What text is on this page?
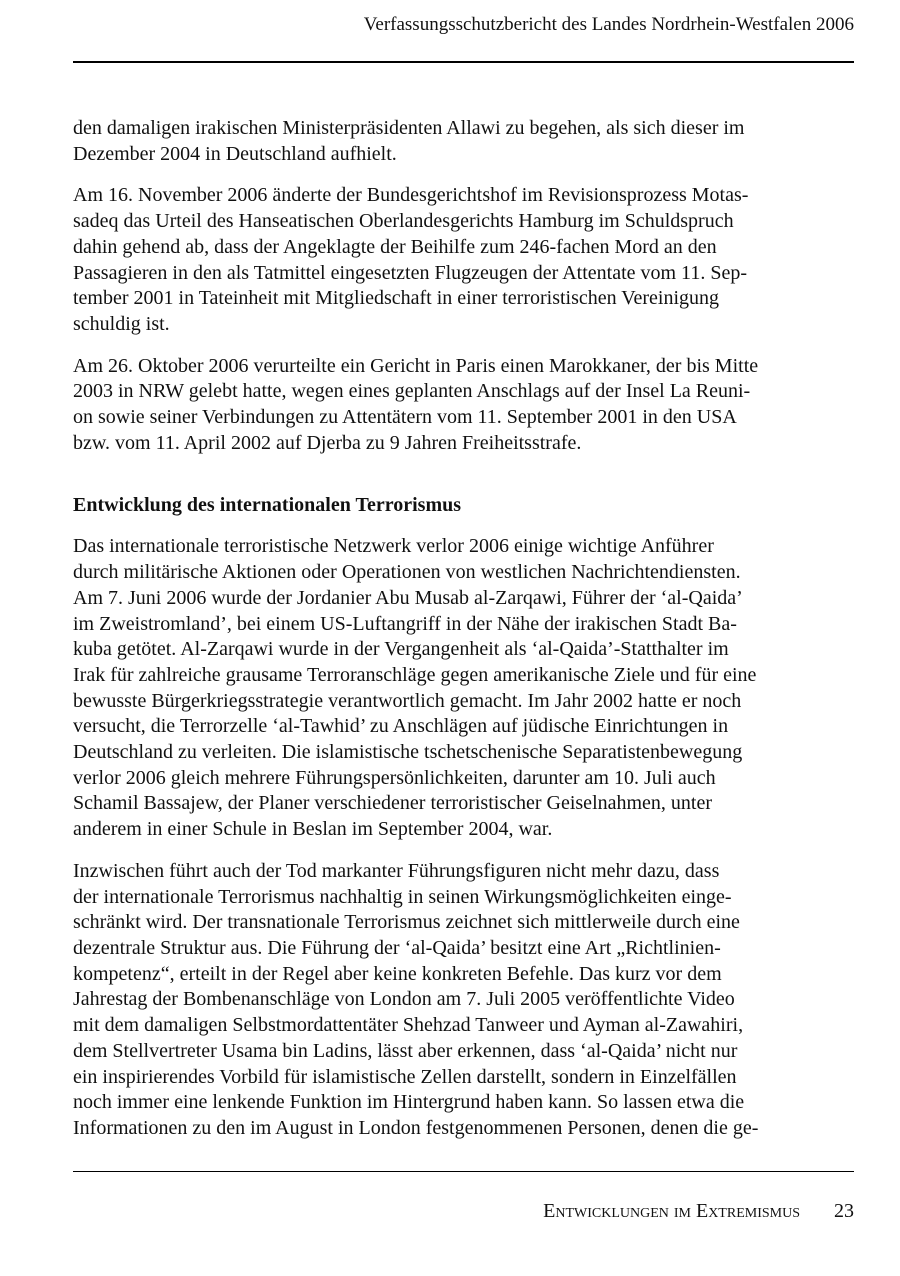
Verfassungsschutzbericht des Landes Nordrhein-Westfalen 2006

den damaligen irakischen Ministerpräsidenten Allawi zu begehen, als sich dieser im
Dezember 2004 in Deutschland aufhielt.

Am 16. November 2006 änderte der Bundesgerichtshof im Revisionsprozess Motas-
sadeq das Urteil des Hanseatischen Oberlandesgerichts Hamburg im Schuldspruch
dahin gehend ab, dass der Angeklagte der Beihilfe zum 246-fachen Mord an den
Passagieren in den als Tatmittel eingesetzten Flugzeugen der Attentate vom 11. Sep-
tember 2001 in Tateinheit mit Mitgliedschaft in einer terroristischen Vereinigung
schuldig ist.

Am 26. Oktober 2006 verurteilte ein Gericht in Paris einen Marokkaner, der bis Mitte
2003 in NRW gelebt hatte, wegen eines geplanten Anschlags auf der Insel La Reuni-
on sowie seiner Verbindungen zu Attentätern vom 11. September 2001 in den USA
bzw. vom 11. April 2002 auf Djerba zu 9 Jahren Freiheitsstrafe.

Entwicklung des internationalen Terrorismus

Das internationale terroristische Netzwerk verlor 2006 einige wichtige Anführer
durch militärische Aktionen oder Operationen von westlichen Nachrichtendiensten.
Am 7. Juni 2006 wurde der Jordanier Abu Musab al-Zarqawi, Führer der ‘al-Qaida’
im Zweistromland’, bei einem US-Luftangriff in der Nähe der irakischen Stadt Ba-
kuba getötet. Al-Zarqawi wurde in der Vergangenheit als ‘al-Qaida’-Statthalter im
Irak für zahlreiche grausame Terroranschläge gegen amerikanische Ziele und für eine
bewusste Bürgerkriegsstrategie verantwortlich gemacht. Im Jahr 2002 hatte er noch
versucht, die Terrorzelle ‘al-Tawhid’ zu Anschlägen auf jüdische Einrichtungen in
Deutschland zu verleiten. Die islamistische tschetschenische Separatistenbewegung
verlor 2006 gleich mehrere Führungspersönlichkeiten, darunter am 10. Juli auch
Schamil Bassajew, der Planer verschiedener terroristischer Geiselnahmen, unter
anderem in einer Schule in Beslan im September 2004, war.

Inzwischen führt auch der Tod markanter Führungsfiguren nicht mehr dazu, dass
der internationale Terrorismus nachhaltig in seinen Wirkungsmöglichkeiten einge-
schränkt wird. Der transnationale Terrorismus zeichnet sich mittlerweile durch eine
dezentrale Struktur aus. Die Führung der ‘al-Qaida’ besitzt eine Art „Richtlinien-
kompetenz“, erteilt in der Regel aber keine konkreten Befehle. Das kurz vor dem
Jahrestag der Bombenanschläge von London am 7. Juli 2005 veröffentlichte Video
mit dem damaligen Selbstmordattentäter Shehzad Tanweer und Ayman al-Zawahiri,
dem Stellvertreter Usama bin Ladins, lässt aber erkennen, dass ‘al-Qaida’ nicht nur
ein inspirierendes Vorbild für islamistische Zellen darstellt, sondern in Einzelfällen
noch immer eine lenkende Funktion im Hintergrund haben kann. So lassen etwa die
Informationen zu den im August in London festgenommenen Personen, denen die ge-

Entwicklungen im Extremismus 23
